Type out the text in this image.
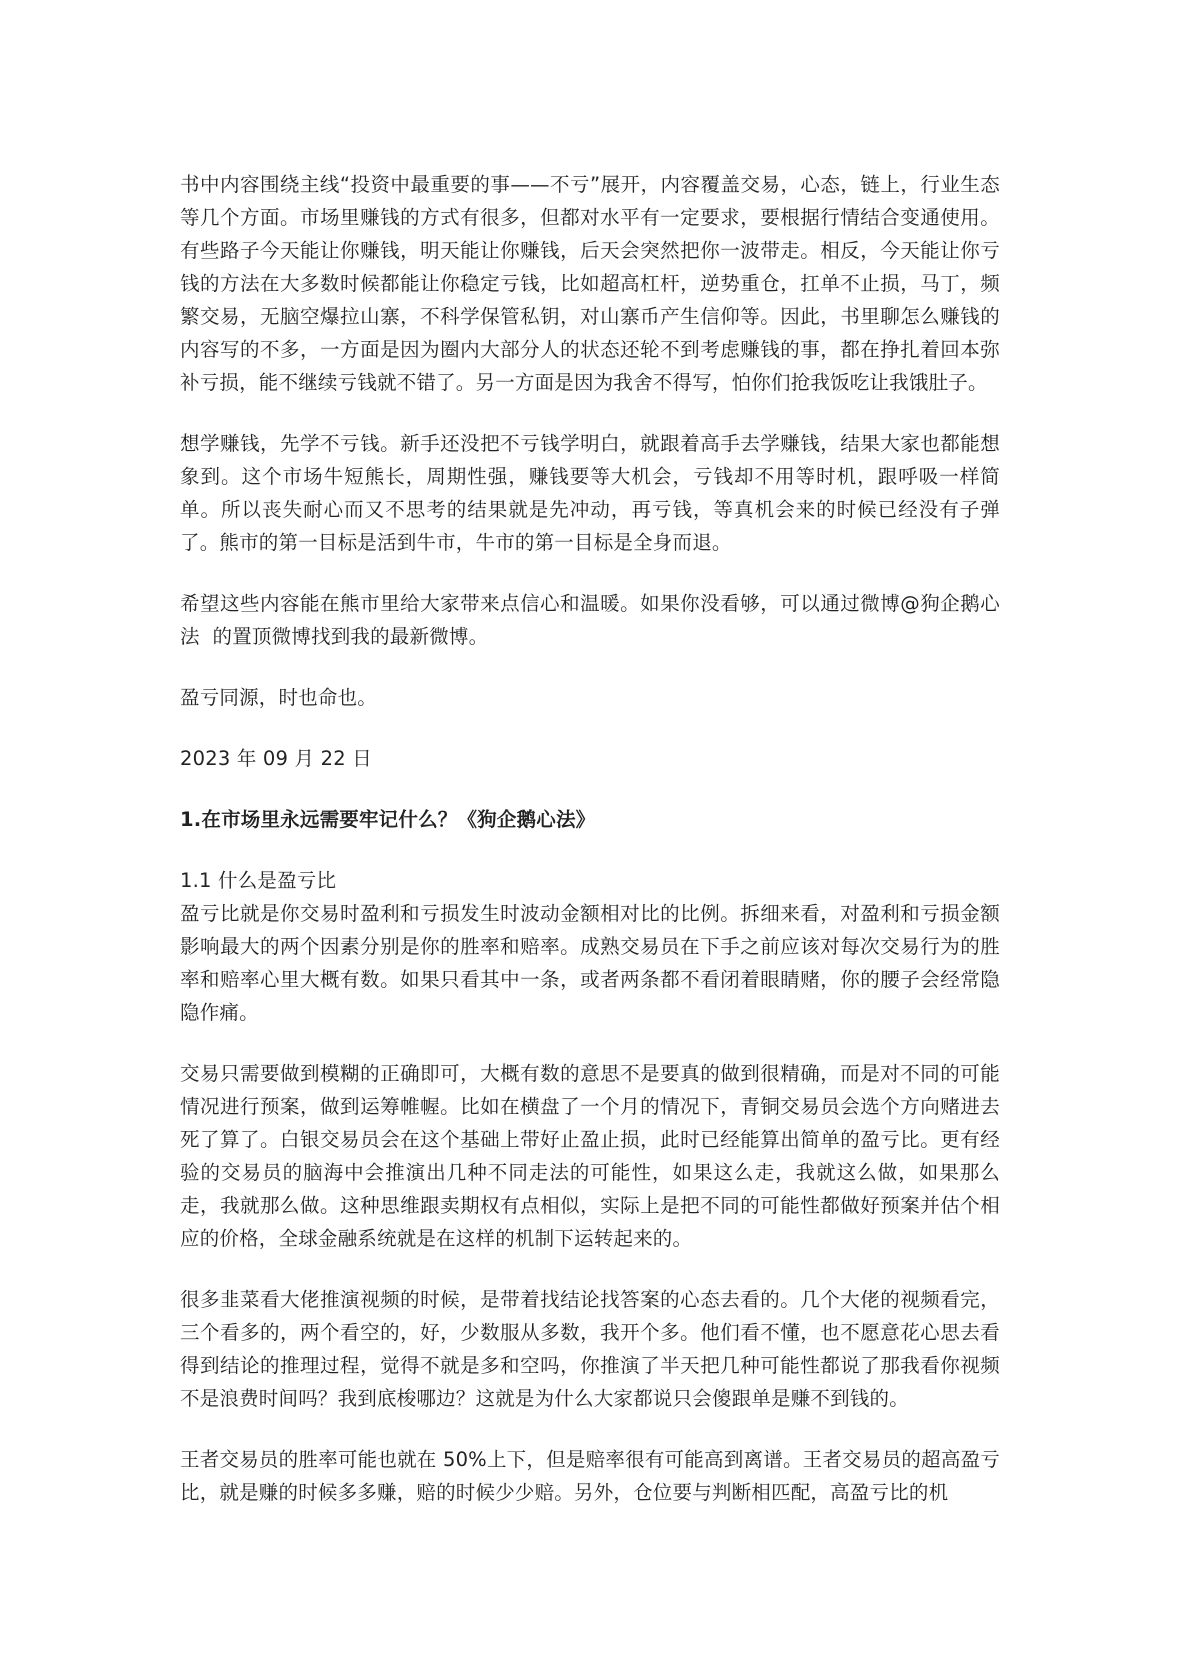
书中内容围绕主线“投资中最重要的事——不亏”展开，内容覆盖交易，心态，链上，行业生态等几个方面。市场里赚钱的方式有很多，但都对水平有一定要求，要根据行情结合变通使用。有些路子今天能让你赚钱，明天能让你赚钱，后天会突然把你一波带走。相反，今天能让你亏钱的方法在大多数时候都能让你稳定亏钱，比如超高杠杆，逆势重仓，扛单不止损，马丁，频繁交易，无脑空爆拉山寨，不科学保管私钥，对山寨币产生信仰等。因此，书里聊怎么赚钱的内容写的不多，一方面是因为圈内大部分人的状态还轮不到考虑赚钱的事，都在挣扎着回本弥补亏损，能不继续亏钱就不错了。另一方面是因为我舍不得写，怕你们抢我饭吃让我饿肚子。

想学赚钱，先学不亏钱。新手还没把不亏钱学明白，就跟着高手去学赚钱，结果大家也都能想象到。这个市场牛短熊长，周期性强，赚钱要等大机会，亏钱却不用等时机，跟呼吸一样简单。所以丧失耐心而又不思考的结果就是先冲动，再亏钱，等真机会来的时候已经没有子弹了。熊市的第一目标是活到牛市，牛市的第一目标是全身而退。

希望这些内容能在熊市里给大家带来点信心和温暖。如果你没看够，可以通过微博@狗企鹅心法  的置顶微博找到我的最新微博。

盈亏同源，时也命也。

2023 年 09 月 22 日

1.在市场里永远需要牢记什么？《狗企鹅心法》

1.1 什么是盈亏比

盈亏比就是你交易时盈利和亏损发生时波动金额相对比的比例。拆细来看，对盈利和亏损金额影响最大的两个因素分别是你的胜率和赔率。成熟交易员在下手之前应该对每次交易行为的胜率和赔率心里大概有数。如果只看其中一条，或者两条都不看闭着眼睛赌，你的腰子会经常隐隐作痛。

交易只需要做到模糊的正确即可，大概有数的意思不是要真的做到很精确，而是对不同的可能情况进行预案，做到运筹帷幄。比如在横盘了一个月的情况下，青铜交易员会选个方向赌进去死了算了。白银交易员会在这个基础上带好止盈止损，此时已经能算出简单的盈亏比。更有经验的交易员的脑海中会推演出几种不同走法的可能性，如果这么走，我就这么做，如果那么走，我就那么做。这种思维跟卖期权有点相似，实际上是把不同的可能性都做好预案并估个相应的价格，全球金融系统就是在这样的机制下运转起来的。

很多韭菜看大佬推演视频的时候，是带着找结论找答案的心态去看的。几个大佬的视频看完，三个看多的，两个看空的，好，少数服从多数，我开个多。他们看不懂，也不愿意花心思去看得到结论的推理过程，觉得不就是多和空吗，你推演了半天把几种可能性都说了那我看你视频不是浪费时间吗？我到底梭哪边？这就是为什么大家都说只会傻跟单是赚不到钱的。

王者交易员的胜率可能也就在 50%上下，但是赔率很有可能高到离谱。王者交易员的超高盈亏比，就是赚的时候多多赚，赔的时候少少赔。另外，仓位要与判断相匹配，高盈亏比的机
